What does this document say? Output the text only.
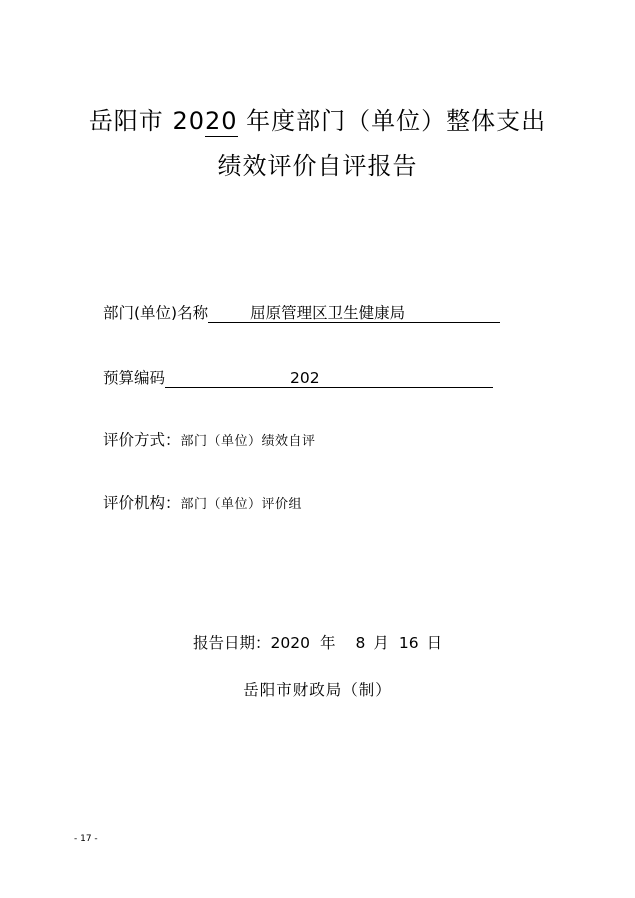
岳阳市 2020 年度部门（单位）整体支出
绩效评价自评报告
部门(单位)名称	屈原管理区卫生健康局
预算编码	202
评价方式：部门（单位）绩效自评
评价机构：部门（单位）评价组
报告日期：2020 年 8 月 16 日
岳阳市财政局（制）
- 17 -
